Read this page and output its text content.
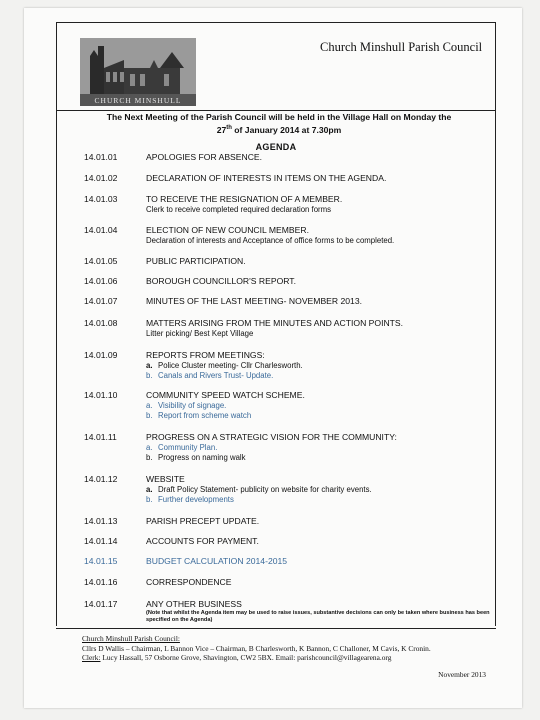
Church Minshull Parish Council
CHURCH MINSHULL
The Next Meeting of the Parish Council will be held in the Village Hall on Monday the
27th of January 2014 at 7.30pm
AGENDA
14.01.01	APOLOGIES FOR ABSENCE.
14.01.02	DECLARATION OF INTERESTS IN ITEMS ON THE AGENDA.
14.01.03	TO RECEIVE THE RESIGNATION OF A MEMBER.
Clerk to receive completed required declaration forms
14.01.04	ELECTION OF NEW COUNCIL MEMBER.
Declaration of interests and Acceptance of office forms to be completed.
14.01.05	PUBLIC PARTICIPATION.
14.01.06	BOROUGH COUNCILLOR'S REPORT.
14.01.07	MINUTES OF THE LAST MEETING- NOVEMBER 2013.
14.01.08	MATTERS ARISING FROM THE MINUTES AND ACTION POINTS.
Litter picking/ Best Kept Village
14.01.09	REPORTS FROM MEETINGS:
a. Police Cluster meeting- Cllr Charlesworth.
b. Canals and Rivers Trust- Update.
14.01.10	COMMUNITY SPEED WATCH SCHEME.
a. Visibility of signage.
b. Report from scheme watch
14.01.11	PROGRESS ON A STRATEGIC VISION FOR THE COMMUNITY:
a. Community Plan.
b. Progress on naming walk
14.01.12	WEBSITE
a. Draft Policy Statement- publicity on website for charity events.
b. Further developments
14.01.13	PARISH PRECEPT UPDATE.
14.01.14	ACCOUNTS FOR PAYMENT.
14.01.15	BUDGET CALCULATION 2014-2015
14.01.16	CORRESPONDENCE
14.01.17	ANY OTHER BUSINESS
(Note that whilst the Agenda item may be used to raise issues, substantive decisions can only be taken where business has been specified on the Agenda)
Church Minshull Parish Council:
Cllrs D Wallis – Chairman, L Bannon Vice – Chairman, B Charlesworth, K Bannon, C Challoner, M Cavis, K Cronin.
Clerk: Lucy Hassall, 57 Osborne Grove, Shavington, CW2 5BX. Email: parishcouncil@villagearena.org
November 2013
